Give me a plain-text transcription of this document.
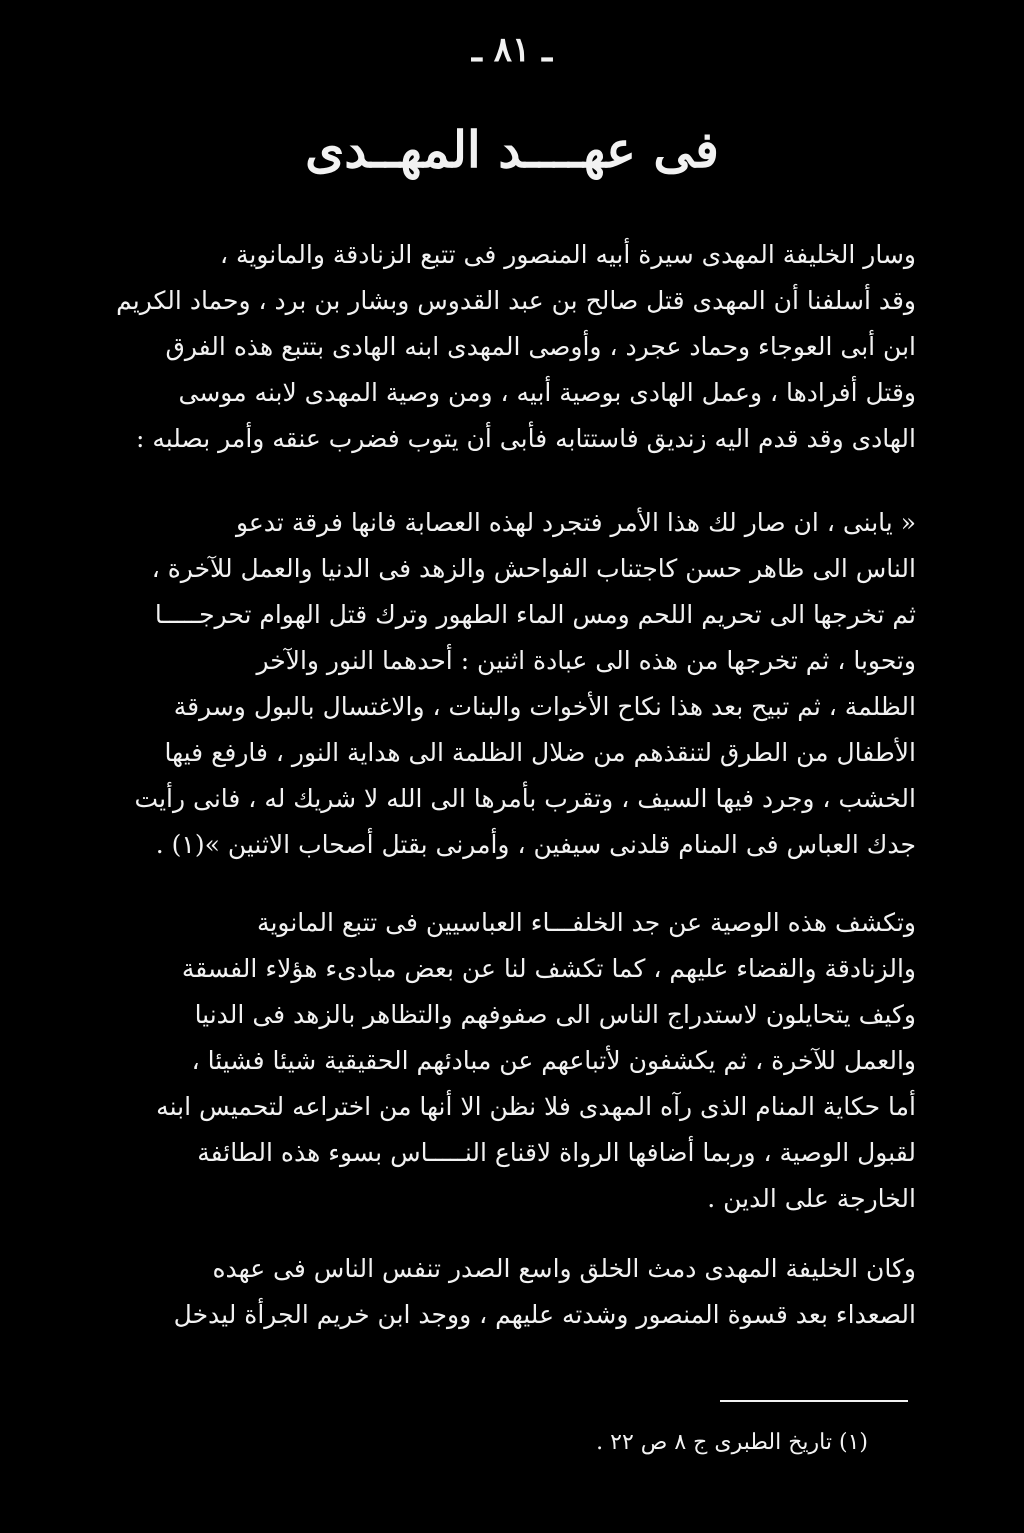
ـ ٨١ ـ
فى عهــــد المهــدى
وسار الخليفة المهدى سيرة أبيه المنصور فى تتبع الزنادقة والمانوية ،
وقد أسلفنا أن المهدى قتل صالح بن عبد القدوس وبشار بن برد ، وحماد الكريم
ابن أبى العوجاء وحماد عجرد ، وأوصى المهدى ابنه الهادى بتتبع هذه الفرق
وقتل أفرادها ، وعمل الهادى بوصية أبيه ، ومن وصية المهدى لابنه موسى
الهادى وقد قدم اليه زنديق فاستتابه فأبى أن يتوب فضرب عنقه وأمر بصلبه :
« يابنى ، ان صار لك هذا الأمر فتجرد لهذه العصابة فانها فرقة تدعو
الناس الى ظاهر حسن كاجتناب الفواحش والزهد فى الدنيا والعمل للآخرة ،
ثم تخرجها الى تحريم اللحم ومس الماء الطهور وترك قتل الهوام تحرجـــــا
وتحوبا ، ثم تخرجها من هذه الى عبادة اثنين : أحدهما النور والآخر
الظلمة ، ثم تبيح بعد هذا نكاح الأخوات والبنات ، والاغتسال بالبول وسرقة
الأطفال من الطرق لتنقذهم من ضلال الظلمة الى هداية النور ، فارفع فيها
الخشب ، وجرد فيها السيف ، وتقرب بأمرها الى الله لا شريك له ، فانى رأيت
جدك العباس فى المنام قلدنى سيفين ، وأمرنى بقتل أصحاب الاثنين »(١) .
وتكشف هذه الوصية عن جد الخلفـــاء العباسيين فى تتبع المانوية
والزنادقة والقضاء عليهم ، كما تكشف لنا عن بعض مبادىء هؤلاء الفسقة
وكيف يتحايلون لاستدراج الناس الى صفوفهم والتظاهر بالزهد فى الدنيا
والعمل للآخرة ، ثم يكشفون لأتباعهم عن مبادئهم الحقيقية شيئا فشيئا ،
أما حكاية المنام الذى رآه المهدى فلا نظن الا أنها من اختراعه لتحميس ابنه
لقبول الوصية ، وربما أضافها الرواة لاقناع النـــــاس بسوء هذه الطائفة
الخارجة على الدين .
وكان الخليفة المهدى دمث الخلق واسع الصدر تنفس الناس فى عهده
الصعداء بعد قسوة المنصور وشدته عليهم ، ووجد ابن خريم الجرأة ليدخل
(١) تاريخ الطبرى ج ٨ ص ٢٢ .
